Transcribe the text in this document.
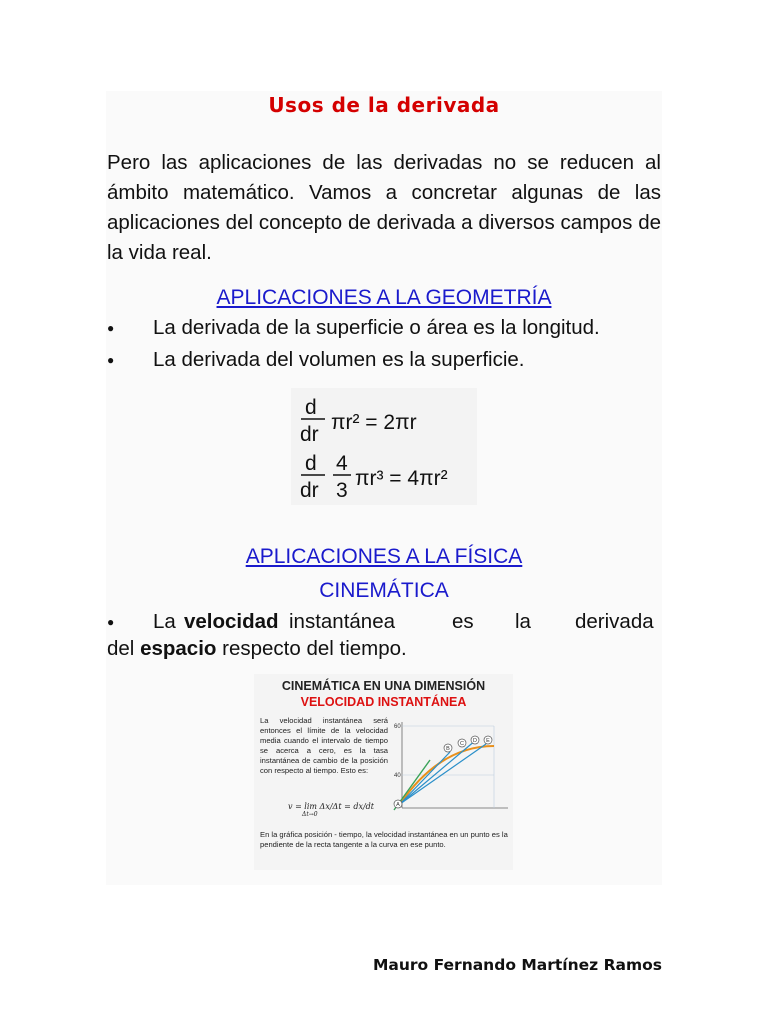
Usos de la derivada
Pero las aplicaciones de las derivadas no se reducen al ámbito matemático. Vamos a concretar algunas de las aplicaciones del concepto de derivada a diversos campos de la vida real.
APLICACIONES A LA GEOMETRÍA
● La derivada de la superficie o área es la longitud.
● La derivada del volumen es la superficie.
d
dr
πr² = 2πr
d
dr
4
3
πr³ = 4πr²
APLICACIONES A LA FÍSICA
CINEMÁTICA
● La velocidad instantánea	es la derivada
del espacio respecto del tiempo.
CINEMÁTICA EN UNA DIMENSIÓN
VELOCIDAD INSTANTÁNEA
La velocidad instantánea será entonces el límite de la velocidad media cuando el intervalo de tiempo se acerca a cero, es la tasa instantánea de cambio de la posición con respecto al tiempo. Esto es:
v = lim Δx/Δt = dx/dt
Δt→0
60
40
A
B
C D E
En la gráfica posición - tiempo, la velocidad instantánea en un punto es la pendiente de la recta tangente a la curva en ese punto.
Mauro Fernando Martínez Ramos
